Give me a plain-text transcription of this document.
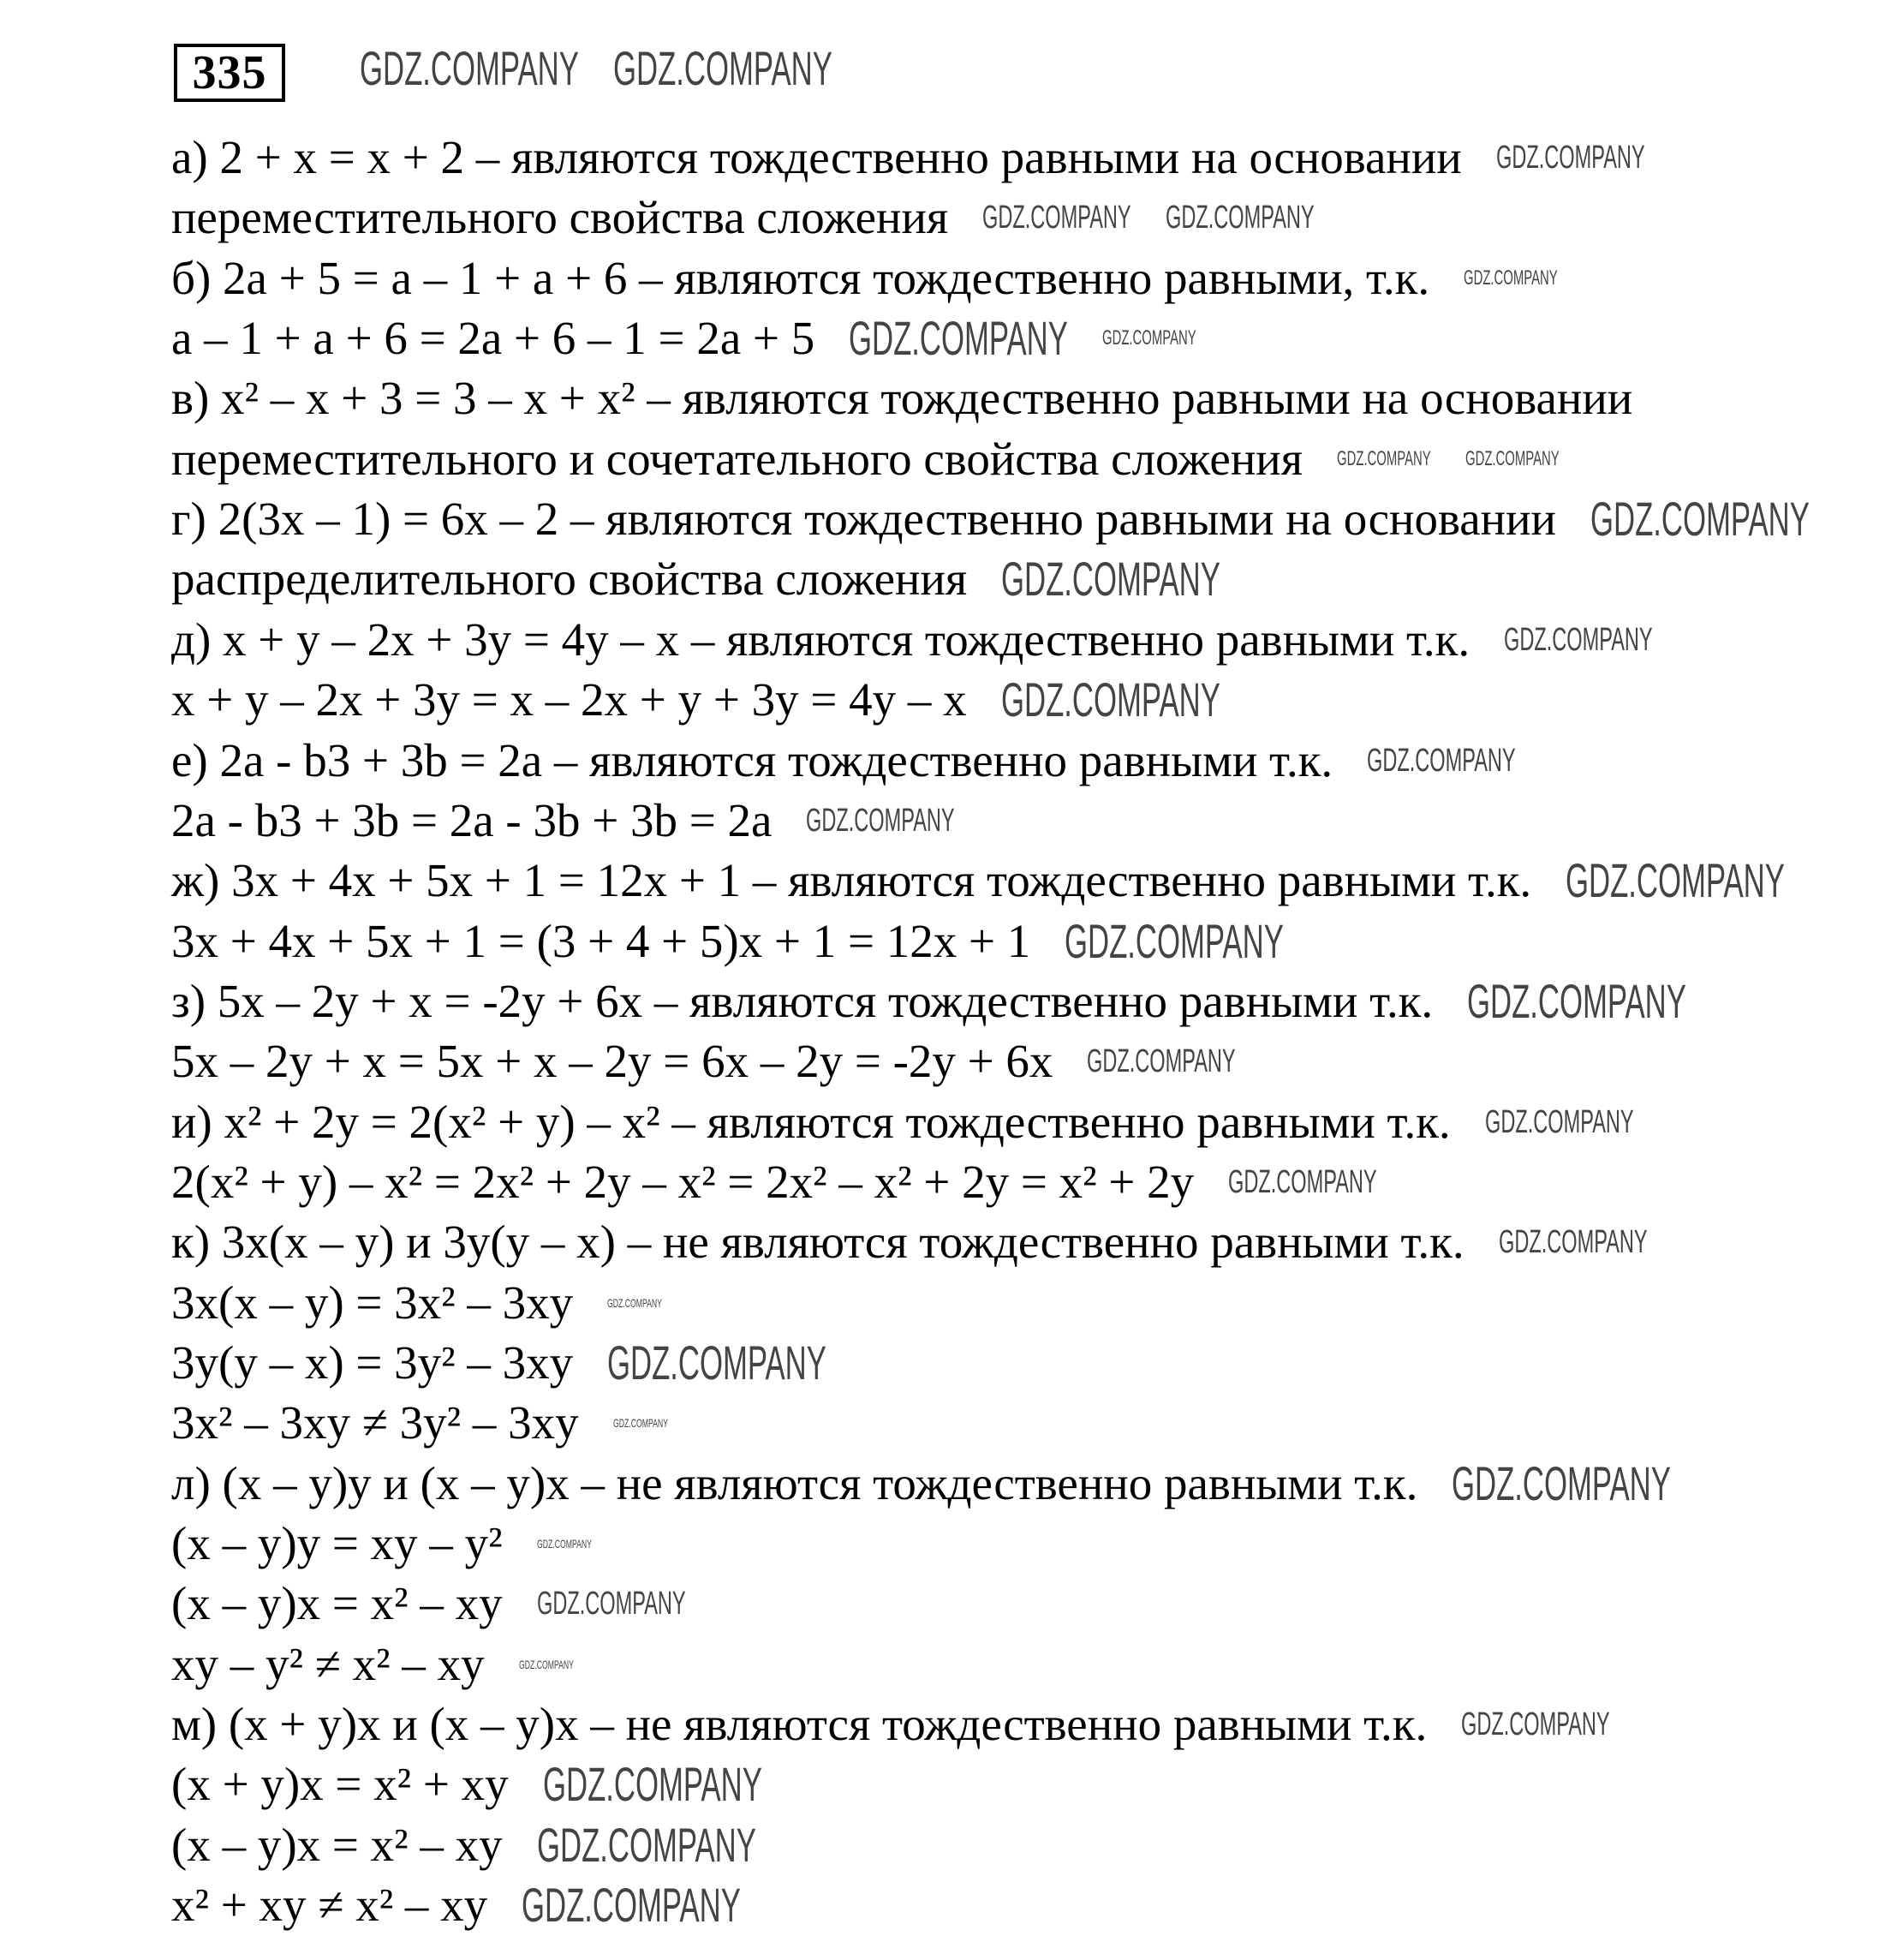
335
а) 2 + x = x + 2 – являются тождественно равными на основании
переместительного свойства сложения
б) 2a + 5 = a – 1 + a + 6 – являются тождественно равными, т.к.
a – 1 + a + 6 = 2a + 6 – 1 = 2a + 5
в) x² – x + 3 = 3 – x + x² – являются тождественно равными на основании
переместительного и сочетательного свойства сложения
г) 2(3x – 1) = 6x – 2 – являются тождественно равными на основании
распределительного свойства сложения
д) x + y – 2x + 3y = 4y – x – являются тождественно равными т.к.
x + y – 2x + 3y = x – 2x + y + 3y = 4y – x
е) 2a - b3 + 3b = 2a – являются тождественно равными т.к.
2a - b3 + 3b = 2a - 3b + 3b = 2a
ж) 3x + 4x + 5x + 1 = 12x + 1 – являются тождественно равными т.к.
3x + 4x + 5x + 1 = (3 + 4 + 5)x + 1 = 12x + 1
з) 5x – 2y + x = -2y + 6x – являются тождественно равными т.к.
5x – 2y + x = 5x + x – 2y = 6x – 2y = -2y + 6x
и) x² + 2y = 2(x² + y) – x² – являются тождественно равными т.к.
2(x² + y) – x² = 2x² + 2y – x² = 2x² – x² + 2y = x² + 2y
к) 3x(x – y) и 3y(y – x) – не являются тождественно равными т.к.
3x(x – y) = 3x² – 3xy
3y(y – x) = 3y² – 3xy
3x² – 3xy ≠ 3y² – 3xy
л) (x – y)y и (x – y)x – не являются тождественно равными т.к.
(x – y)y = xy – y²
(x – y)x = x² – xy
xy – y² ≠ x² – xy
м) (x + y)x и (x – y)x – не являются тождественно равными т.к.
(x + y)x = x² + xy
(x – y)x = x² – xy
x² + xy ≠ x² – xy
GDZ.COMPANY
GDZ.COMPANY
GDZ.COMPANY
GDZ.COMPANY
GDZ.COMPANY
GDZ.COMPANY
GDZ.COMPANY
GDZ.COMPANY
GDZ.COMPANY
GDZ.COMPANY
GDZ.COMPANY
GDZ.COMPANY
GDZ.COMPANY
GDZ.COMPANY
GDZ.COMPANY
GDZ.COMPANY
GDZ.COMPANY
GDZ.COMPANY
GDZ.COMPANY
GDZ.COMPANY
GDZ.COMPANY
GDZ.COMPANY
GDZ.COMPANY
GDZ.COMPANY
GDZ.COMPANY
GDZ.COMPANY
GDZ.COMPANY
GDZ.COMPANY
GDZ.COMPANY
GDZ.COMPANY
GDZ.COMPANY
GDZ.COMPANY
GDZ.COMPANY
GDZ.COMPANY
